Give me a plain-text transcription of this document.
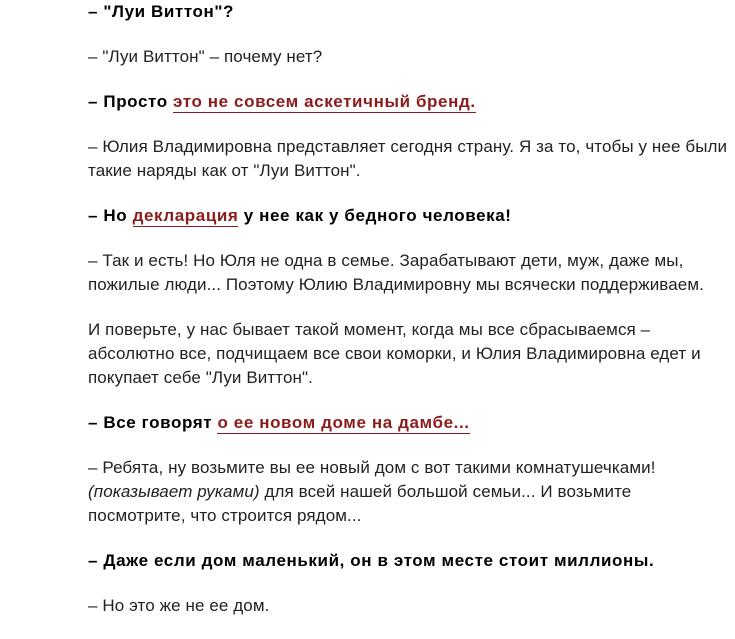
– "Луи Виттон"?

– "Луи Виттон" – почему нет?

– Просто это не совсем аскетичный бренд.

– Юлия Владимировна представляет сегодня страну. Я за то, чтобы у нее были такие наряды как от "Луи Виттон".

– Но декларация у нее как у бедного человека!

– Так и есть! Но Юля не одна в семье. Зарабатывают дети, муж, даже мы, пожилые люди... Поэтому Юлию Владимировну мы всячески поддерживаем.

И поверьте, у нас бывает такой момент, когда мы все сбрасываемся – абсолютно все, подчищаем все свои коморки, и Юлия Владимировна едет и покупает себе "Луи Виттон".

– Все говорят о ее новом доме на дамбе...

– Ребята, ну возьмите вы ее новый дом с вот такими комнатушечками! (показывает руками) для всей нашей большой семьи... И возьмите посмотрите, что строится рядом...

– Даже если дом маленький, он в этом месте стоит миллионы.

– Но это же не ее дом.
